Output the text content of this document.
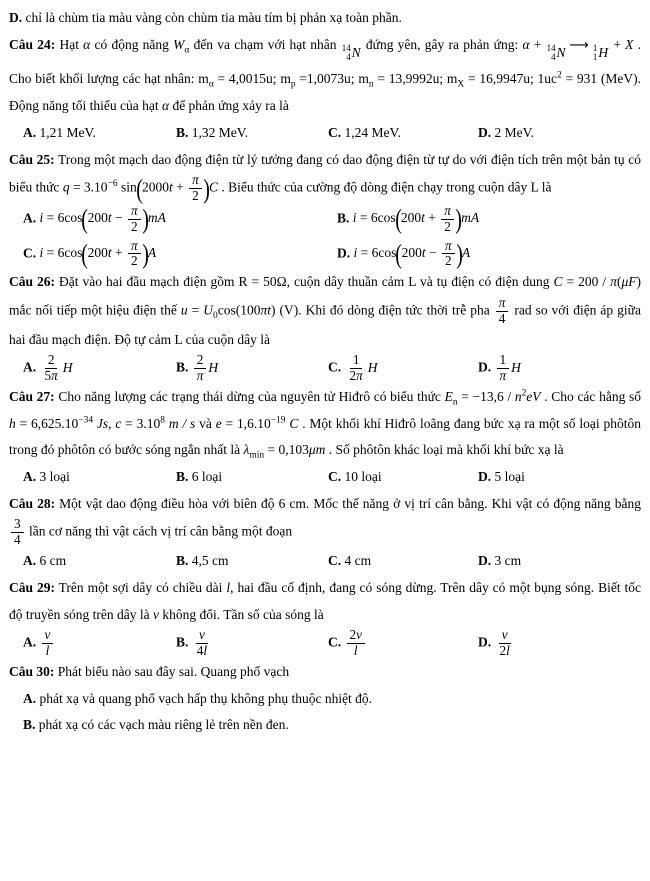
D. chỉ là chùm tia màu vàng còn chùm tia màu tím bị phản xạ toàn phần.

Câu 24: Hạt α có động năng $W_\alpha$ đến va chạm với hạt nhân 14
4 N
đứng yên, gây ra phản ứng: α + 14
4 N ⟶ 1
1 H
+ X . Cho biết khối lượng các hạt nhân: $m_\alpha = 4,0015u$; $m_p =1,0073u$; $m_n = 13,9992u$; $m_X = 16,9947u$; $1uc^2 = 931$ (MeV). Động năng tối thiểu của hạt α để phản ứng xảy ra là

A. 1,21 MeV.	B. 1,32 MeV.	C. 1,24 MeV.	D. 2 MeV.

Câu 25: Trong một mạch dao động điện từ lý tưởng đang có dao động điện từ tự do với điện tích trên một bản tụ có biểu thức $q = 3.10^{-6}$ $\sin(2000t + \frac{\pi}{2} )C$ . Biểu thức của cường độ dòng điện chạy trong cuộn dây L là

A. $i = 6\cos(200t - \frac{\pi}{2} )mA$	B. $i = 6\cos(200t + \frac{\pi}{2} )mA$
C. $i = 6\cos(200t + \frac{\pi}{2} )A$	D. $i = 6\cos(200t - \frac{\pi}{2} )A$

Câu 26: Đặt vào hai đầu mạch điện gồm R = 50Ω, cuộn dây thuần cảm L và tụ điện có điện dung C = 200 / π(μF) mắc nối tiếp một hiệu điện thế $u = U_0\cos(100\pi t)$ (V). Khi đó dòng điện tức thời trễ pha $\frac{\pi}{4}$ rad so với điện áp giữa hai đầu mạch điện. Độ tự cảm L của cuộn dây là

A. $\frac{2}{5\pi}$ H	B. $\frac{2}{\pi}$ H	C. $\frac{1}{2\pi}$ H	D. $\frac{1}{\pi}$ H

Câu 27: Cho năng lượng các trạng thái dừng của nguyên tử Hiđrô có biểu thức $E_n = -13,6 / n^2eV$ . Cho các hằng số $h = 6,625.10^{-34}$ Js, $c = 3.10^8$ m / s và $e = 1,6.10^{-19}$ C . Một khối khí Hiđrô loãng đang bức xạ ra một số loại phôtôn trong đó phôtôn có bước sóng ngắn nhất là $\lambda_{min} = 0,103\mu m$ . Số phôtôn khác loại mà khối khí bức xạ là

A. 3 loại	B. 6 loại	C. 10 loại	D. 5 loại

Câu 28: Một vật dao động điều hòa với biên độ 6 cm. Mốc thế năng ở vị trí cân bằng. Khi vật có động năng bằng
$\frac{3}{4}$ lần cơ năng thì vật cách vị trí cân bằng một đoạn

A. 6 cm	B. 4,5 cm	C. 4 cm	D. 3 cm

Câu 29: Trên một sợi dây có chiều dài l, hai đầu cố định, đang có sóng dừng. Trên dây có một bụng sóng. Biết tốc độ truyền sóng trên dây là v không đổi. Tần số của sóng là

A. $\frac{v}{l}$	B. $\frac{v}{4l}$	C. $\frac{2v}{l}$	D. $\frac{v}{2l}$

Câu 30: Phát biểu nào sau đây sai. Quang phổ vạch

A. phát xạ và quang phổ vạch hấp thụ không phụ thuộc nhiệt độ.
B. phát xạ có các vạch màu riêng lẻ trên nền đen.
